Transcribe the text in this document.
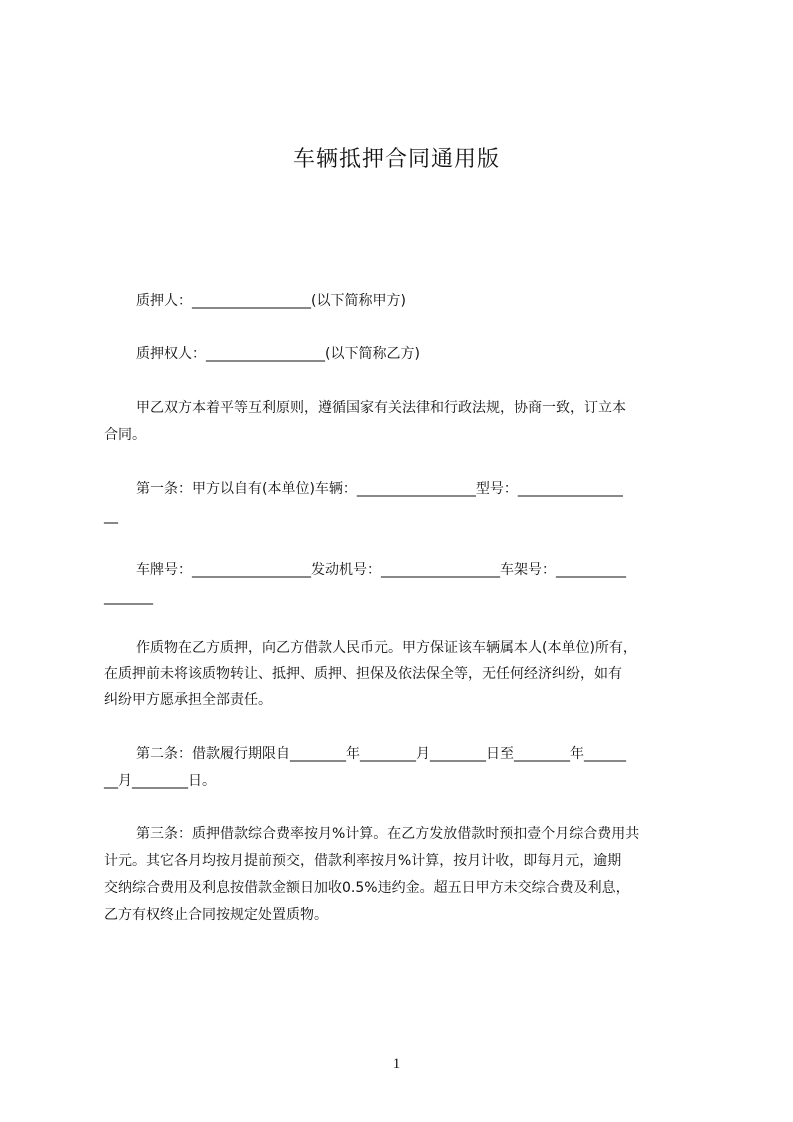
车辆抵押合同通用版

质押人：_________________(以下简称甲方)

质押权人：_________________(以下简称乙方)

甲乙双方本着平等互利原则，遵循国家有关法律和行政法规，协商一致，订立本

合同。

第一条：甲方以自有(本单位)车辆：_________________型号：_______________

__

车牌号：_________________发动机号：_________________车架号：__________

_______

作质物在乙方质押，向乙方借款人民币元。甲方保证该车辆属本人(本单位)所有，

在质押前未将该质物转让、抵押、质押、担保及依法保全等，无任何经济纠纷，如有

纠纷甲方愿承担全部责任。

第二条：借款履行期限自________年________月________日至________年______

__月________日。

第三条：质押借款综合费率按月%计算。在乙方发放借款时预扣壹个月综合费用共

计元。其它各月均按月提前预交，借款利率按月%计算，按月计收，即每月元，逾期

交纳综合费用及利息按借款金额日加收0.5%违约金。超五日甲方未交综合费及利息，

乙方有权终止合同按规定处置质物。

1
